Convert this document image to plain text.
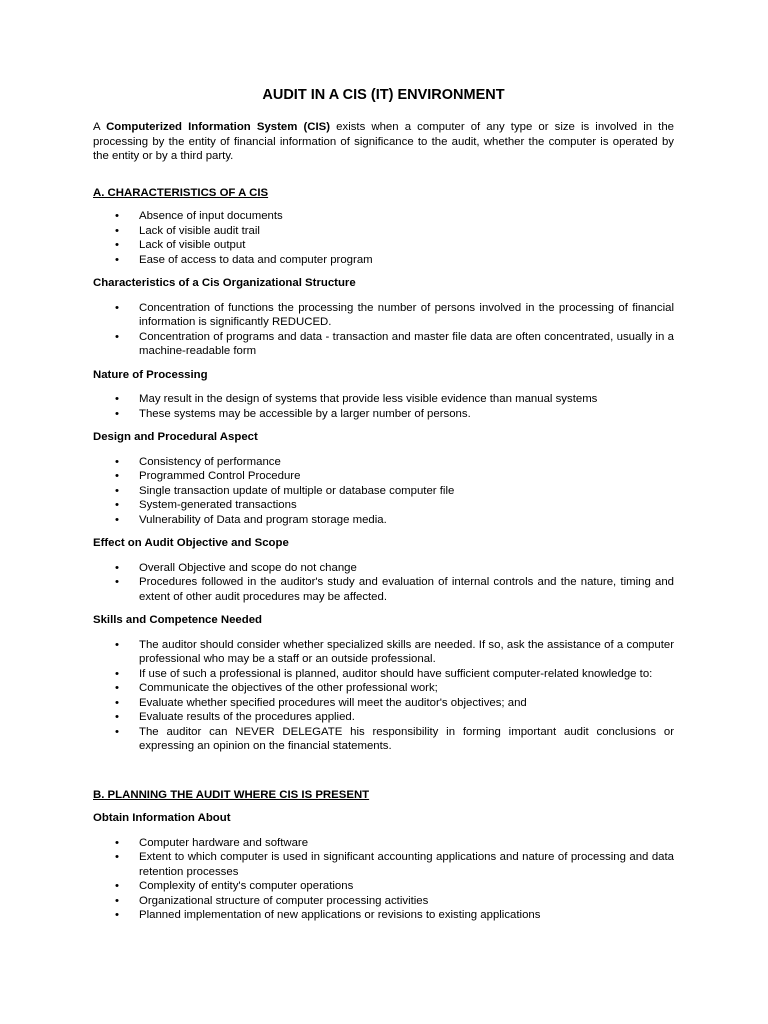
AUDIT IN A CIS (IT) ENVIRONMENT

A Computerized Information System (CIS) exists when a computer of any type or size is involved in the processing by the entity of financial information of significance to the audit, whether the computer is operated by the entity or by a third party.

A. CHARACTERISTICS OF A CIS

• Absence of input documents
• Lack of visible audit trail
• Lack of visible output
• Ease of access to data and computer program

Characteristics of a Cis Organizational Structure

• Concentration of functions the processing the number of persons involved in the processing of financial information is significantly REDUCED.
• Concentration of programs and data - transaction and master file data are often concentrated, usually in a machine-readable form

Nature of Processing

• May result in the design of systems that provide less visible evidence than manual systems
• These systems may be accessible by a larger number of persons.

Design and Procedural Aspect

• Consistency of performance
• Programmed Control Procedure
• Single transaction update of multiple or database computer file
• System-generated transactions
• Vulnerability of Data and program storage media.

Effect on Audit Objective and Scope

• Overall Objective and scope do not change
• Procedures followed in the auditor's study and evaluation of internal controls and the nature, timing and extent of other audit procedures may be affected.

Skills and Competence Needed

• The auditor should consider whether specialized skills are needed. If so, ask the assistance of a computer professional who may be a staff or an outside professional.
• If use of such a professional is planned, auditor should have sufficient computer-related knowledge to:
• Communicate the objectives of the other professional work;
• Evaluate whether specified procedures will meet the auditor's objectives; and
• Evaluate results of the procedures applied.
• The auditor can NEVER DELEGATE his responsibility in forming important audit conclusions or expressing an opinion on the financial statements.

B. PLANNING THE AUDIT WHERE CIS IS PRESENT

Obtain Information About

• Computer hardware and software
• Extent to which computer is used in significant accounting applications and nature of processing and data retention processes
• Complexity of entity's computer operations
• Organizational structure of computer processing activities
• Planned implementation of new applications or revisions to existing applications
